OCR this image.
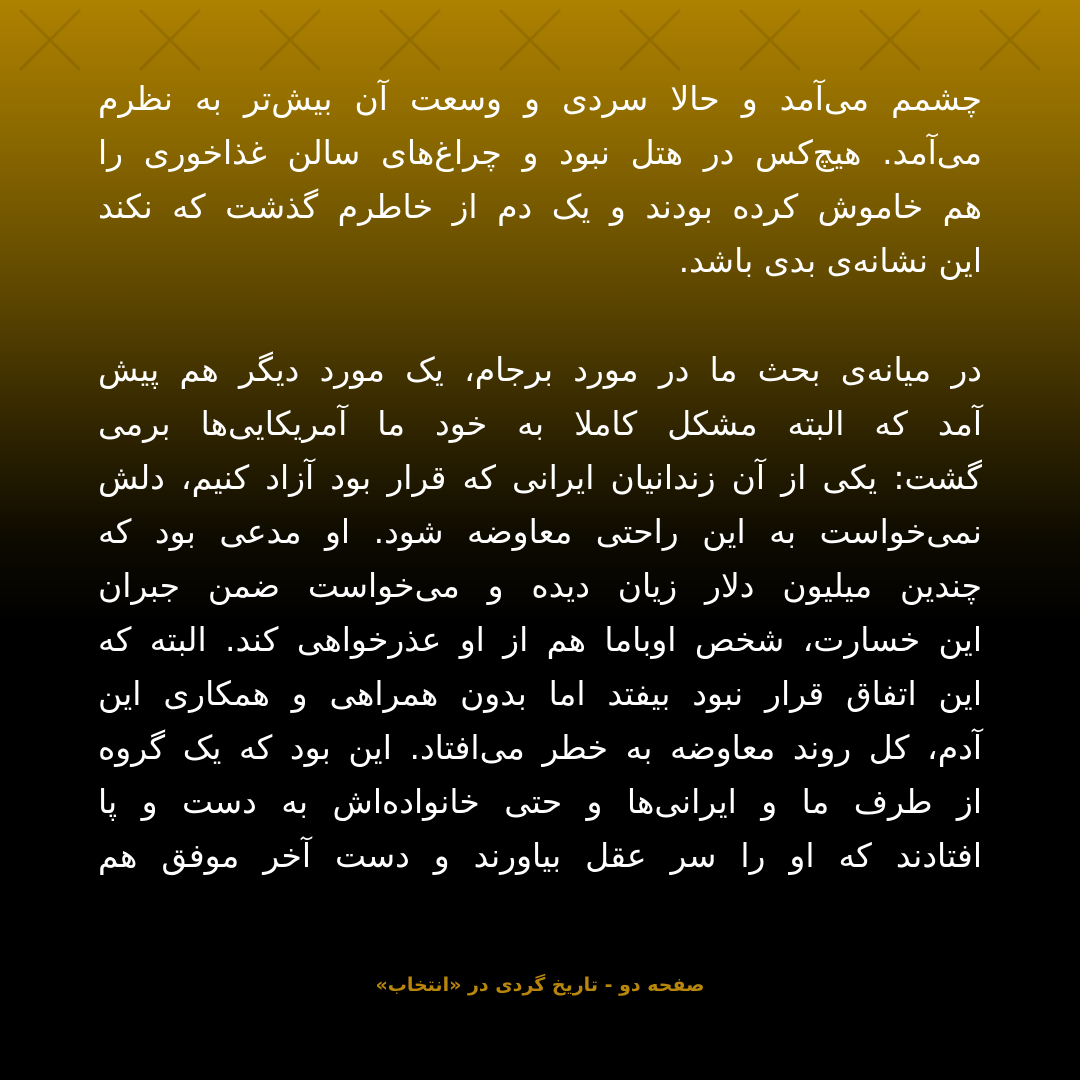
چشمم می‌آمد و حالا سردی و وسعت آن بیش‌تر به نظرم
می‌آمد. هیچ‌کس در هتل نبود و چراغ‌های سالن غذاخوری را
هم خاموش کرده بودند و یک دم از خاطرم گذشت که نکند
این نشانه‌ی بدی باشد.
در میانه‌ی بحث ما در مورد برجام، یک مورد دیگر هم پیش
آمد که البته مشکل کاملا به خود ما آمریکایی‌ها برمی
گشت: یکی از آن زندانیان ایرانی که قرار بود آزاد کنیم، دلش
نمی‌خواست به این راحتی معاوضه شود. او مدعی بود که
چندین میلیون دلار زیان دیده و می‌خواست ضمن جبران
این خسارت، شخص اوباما هم از او عذرخواهی کند. البته که
این اتفاق قرار نبود بیفتد اما بدون همراهی و همکاری این
آدم، کل روند معاوضه به خطر می‌افتاد. این بود که یک گروه
از طرف ما و ایرانی‌ها و حتی خانواده‌اش به دست و پا
افتادند که او را سر عقل بیاورند و دست آخر موفق هم
صفحه دو - تاریخ گردی در «انتخاب»
